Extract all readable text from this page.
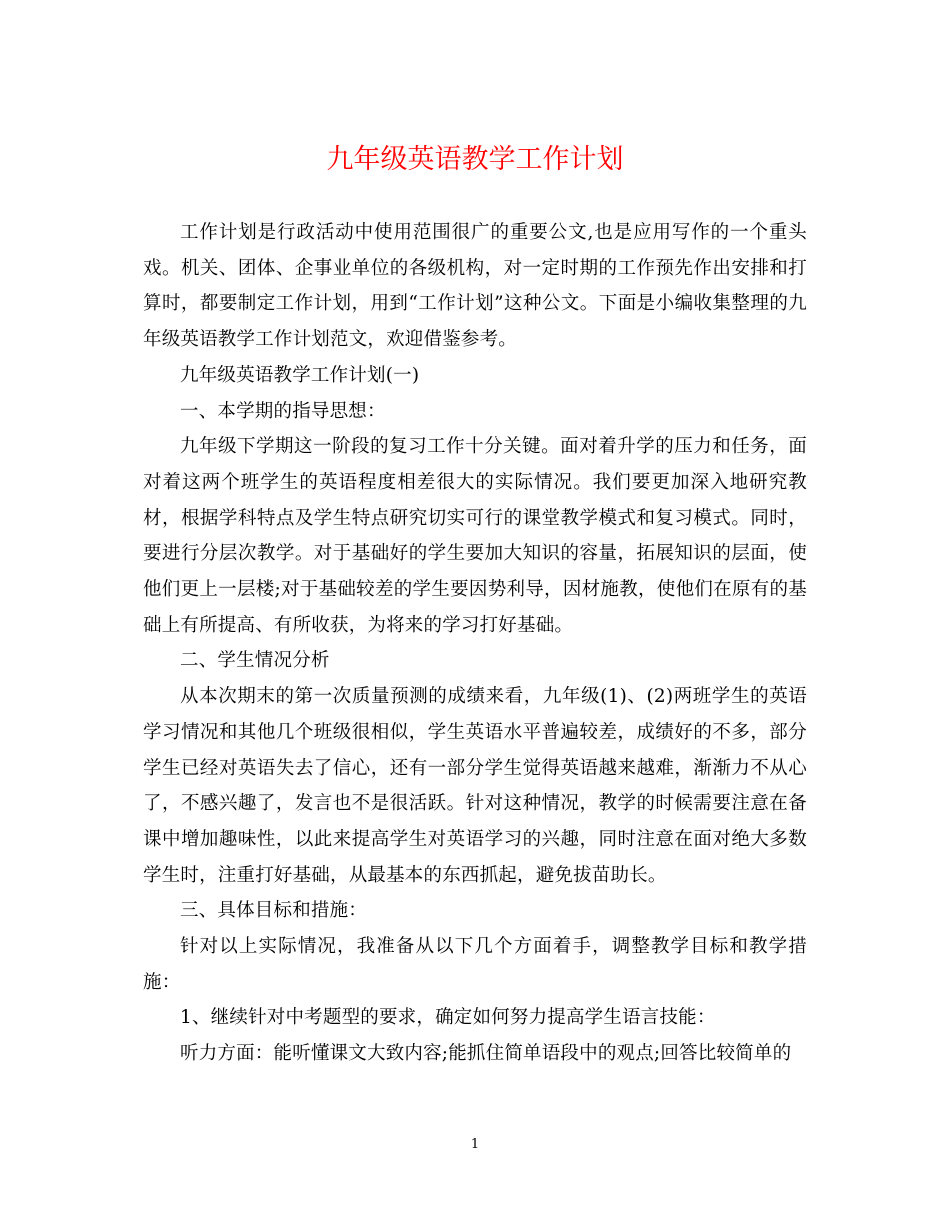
九年级英语教学工作计划
工作计划是行政活动中使用范围很广的重要公文,也是应用写作的一个重头
戏。机关、团体、企事业单位的各级机构，对一定时期的工作预先作出安排和打
算时，都要制定工作计划，用到“工作计划”这种公文。下面是小编收集整理的九
年级英语教学工作计划范文，欢迎借鉴参考。
九年级英语教学工作计划(一)
一、本学期的指导思想：
九年级下学期这一阶段的复习工作十分关键。面对着升学的压力和任务，面
对着这两个班学生的英语程度相差很大的实际情况。我们要更加深入地研究教
材，根据学科特点及学生特点研究切实可行的课堂教学模式和复习模式。同时，
要进行分层次教学。对于基础好的学生要加大知识的容量，拓展知识的层面，使
他们更上一层楼;对于基础较差的学生要因势利导，因材施教，使他们在原有的基
础上有所提高、有所收获，为将来的学习打好基础。
二、学生情况分析
从本次期末的第一次质量预测的成绩来看，九年级(1)、(2)两班学生的英语
学习情况和其他几个班级很相似，学生英语水平普遍较差，成绩好的不多，部分
学生已经对英语失去了信心，还有一部分学生觉得英语越来越难，渐渐力不从心
了，不感兴趣了，发言也不是很活跃。针对这种情况，教学的时候需要注意在备
课中增加趣味性，以此来提高学生对英语学习的兴趣，同时注意在面对绝大多数
学生时，注重打好基础，从最基本的东西抓起，避免拔苗助长。
三、具体目标和措施：
针对以上实际情况，我准备从以下几个方面着手，调整教学目标和教学措
施：
1、继续针对中考题型的要求，确定如何努力提高学生语言技能：
听力方面：能听懂课文大致内容;能抓住简单语段中的观点;回答比较简单的
1
